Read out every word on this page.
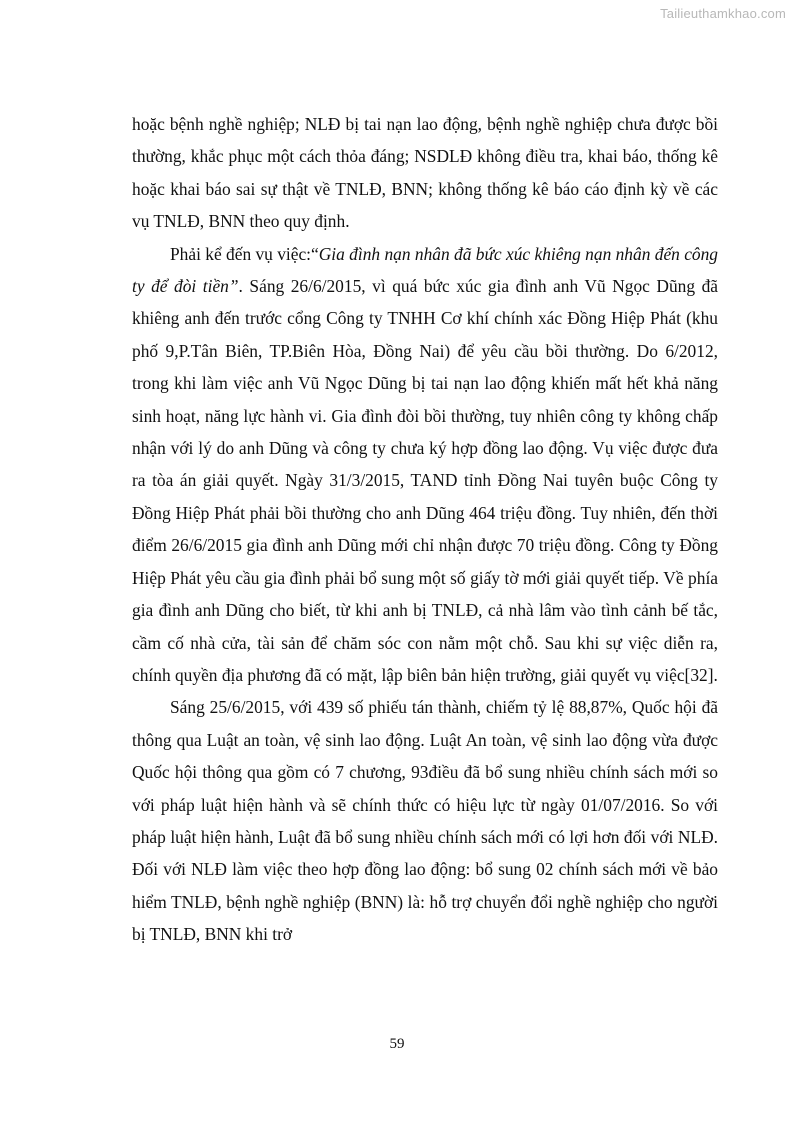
Tailieuthamkhao.com

hoặc bệnh nghề nghiệp; NLĐ bị tai nạn lao động, bệnh nghề nghiệp chưa được bồi thường, khắc phục một cách thỏa đáng; NSDLĐ không điều tra, khai báo, thống kê hoặc khai báo sai sự thật về TNLĐ, BNN; không thống kê báo cáo định kỳ về các vụ TNLĐ, BNN theo quy định.

Phải kể đến vụ việc:“Gia đình nạn nhân đã bức xúc khiêng nạn nhân đến công ty để đòi tiền”. Sáng 26/6/2015, vì quá bức xúc gia đình anh Vũ Ngọc Dũng đã khiêng anh đến trước cổng Công ty TNHH Cơ khí chính xác Đồng Hiệp Phát (khu phố 9,P.Tân Biên, TP.Biên Hòa, Đồng Nai) để yêu cầu bồi thường. Do 6/2012, trong khi làm việc anh Vũ Ngọc Dũng bị tai nạn lao động khiến mất hết khả năng sinh hoạt, năng lực hành vi. Gia đình đòi bồi thường, tuy nhiên công ty không chấp nhận với lý do anh Dũng và công ty chưa ký hợp đồng lao động. Vụ việc được đưa ra tòa án giải quyết. Ngày 31/3/2015, TAND tỉnh Đồng Nai tuyên buộc Công ty Đồng Hiệp Phát phải bồi thường cho anh Dũng 464 triệu đồng. Tuy nhiên, đến thời điểm 26/6/2015 gia đình anh Dũng mới chỉ nhận được 70 triệu đồng. Công ty Đồng Hiệp Phát yêu cầu gia đình phải bổ sung một số giấy tờ mới giải quyết tiếp. Về phía gia đình anh Dũng cho biết, từ khi anh bị TNLĐ, cả nhà lâm vào tình cảnh bế tắc, cầm cố nhà cửa, tài sản để chăm sóc con nằm một chỗ. Sau khi sự việc diễn ra, chính quyền địa phương đã có mặt, lập biên bản hiện trường, giải quyết vụ việc[32].

Sáng 25/6/2015, với 439 số phiếu tán thành, chiếm tỷ lệ 88,87%, Quốc hội đã thông qua Luật an toàn, vệ sinh lao động. Luật An toàn, vệ sinh lao động vừa được Quốc hội thông qua gồm có 7 chương, 93điều đã bổ sung nhiều chính sách mới so với pháp luật hiện hành và sẽ chính thức có hiệu lực từ ngày 01/07/2016. So với pháp luật hiện hành, Luật đã bổ sung nhiều chính sách mới có lợi hơn đối với NLĐ. Đối với NLĐ làm việc theo hợp đồng lao động: bổ sung 02 chính sách mới về bảo hiểm TNLĐ, bệnh nghề nghiệp (BNN) là: hỗ trợ chuyển đổi nghề nghiệp cho người bị TNLĐ, BNN khi trở

59
